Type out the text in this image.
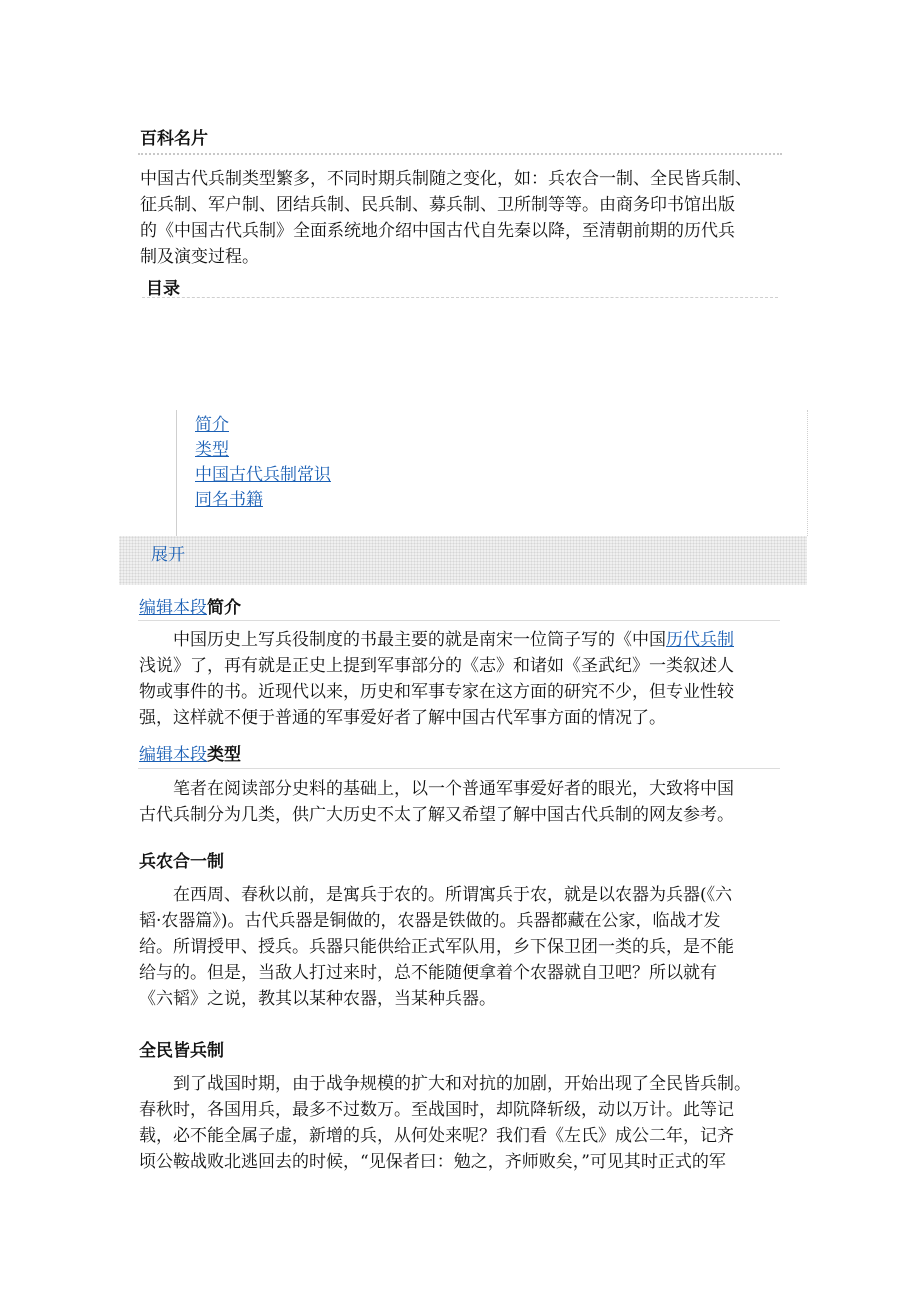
百科名片
中国古代兵制类型繁多，不同时期兵制随之变化，如：兵农合一制、全民皆兵制、
征兵制、军户制、团结兵制、民兵制、募兵制、卫所制等等。由商务印书馆出版
的《中国古代兵制》全面系统地介绍中国古代自先秦以降，至清朝前期的历代兵
制及演变过程。
目录
简介
类型
中国古代兵制常识
同名书籍
展开
编辑本段简介
　　中国历史上写兵役制度的书最主要的就是南宋一位筒子写的《中国历代兵制
浅说》了，再有就是正史上提到军事部分的《志》和诸如《圣武纪》一类叙述人
物或事件的书。近现代以来，历史和军事专家在这方面的研究不少，但专业性较
强，这样就不便于普通的军事爱好者了解中国古代军事方面的情况了。
编辑本段类型
　　笔者在阅读部分史料的基础上，以一个普通军事爱好者的眼光，大致将中国
古代兵制分为几类，供广大历史不太了解又希望了解中国古代兵制的网友参考。
兵农合一制
　　在西周、春秋以前，是寓兵于农的。所谓寓兵于农，就是以农器为兵器(《六
韬·农器篇》)。古代兵器是铜做的，农器是铁做的。兵器都藏在公家，临战才发
给。所谓授甲、授兵。兵器只能供给正式军队用，乡下保卫团一类的兵，是不能
给与的。但是，当敌人打过来时，总不能随便拿着个农器就自卫吧？所以就有
《六韬》之说，教其以某种农器，当某种兵器。
全民皆兵制
　　到了战国时期，由于战争规模的扩大和对抗的加剧，开始出现了全民皆兵制。
春秋时，各国用兵，最多不过数万。至战国时，却阬降斩级，动以万计。此等记
载，必不能全属子虚，新增的兵，从何处来呢？我们看《左氏》成公二年，记齐
顷公鞍战败北逃回去的时候，“见保者曰：勉之，齐师败矣，”可见其时正式的军
